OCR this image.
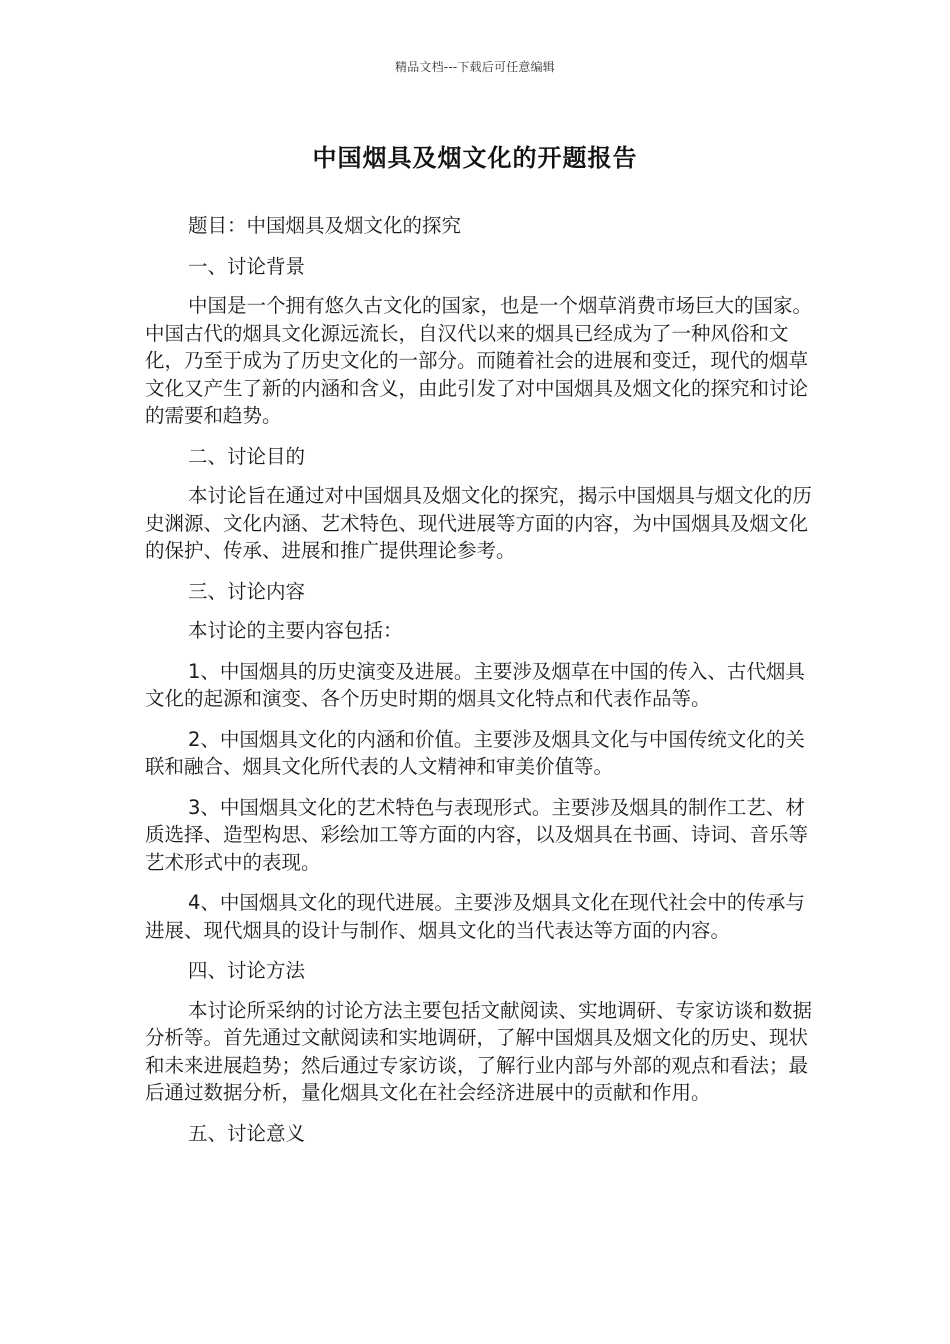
精品文档---下载后可任意编辑
中国烟具及烟文化的开题报告

题目：中国烟具及烟文化的探究

一、讨论背景

中国是一个拥有悠久古文化的国家，也是一个烟草消费市场巨大的国家。中国古代的烟具文化源远流长，自汉代以来的烟具已经成为了一种风俗和文化，乃至于成为了历史文化的一部分。而随着社会的进展和变迁，现代的烟草文化又产生了新的内涵和含义，由此引发了对中国烟具及烟文化的探究和讨论的需要和趋势。

二、讨论目的

本讨论旨在通过对中国烟具及烟文化的探究，揭示中国烟具与烟文化的历史渊源、文化内涵、艺术特色、现代进展等方面的内容，为中国烟具及烟文化的保护、传承、进展和推广提供理论参考。

三、讨论内容

本讨论的主要内容包括：

1、中国烟具的历史演变及进展。主要涉及烟草在中国的传入、古代烟具文化的起源和演变、各个历史时期的烟具文化特点和代表作品等。

2、中国烟具文化的内涵和价值。主要涉及烟具文化与中国传统文化的关联和融合、烟具文化所代表的人文精神和审美价值等。

3、中国烟具文化的艺术特色与表现形式。主要涉及烟具的制作工艺、材质选择、造型构思、彩绘加工等方面的内容，以及烟具在书画、诗词、音乐等艺术形式中的表现。

4、中国烟具文化的现代进展。主要涉及烟具文化在现代社会中的传承与进展、现代烟具的设计与制作、烟具文化的当代表达等方面的内容。

四、讨论方法

本讨论所采纳的讨论方法主要包括文献阅读、实地调研、专家访谈和数据分析等。首先通过文献阅读和实地调研，了解中国烟具及烟文化的历史、现状和未来进展趋势；然后通过专家访谈，了解行业内部与外部的观点和看法；最后通过数据分析，量化烟具文化在社会经济进展中的贡献和作用。

五、讨论意义
